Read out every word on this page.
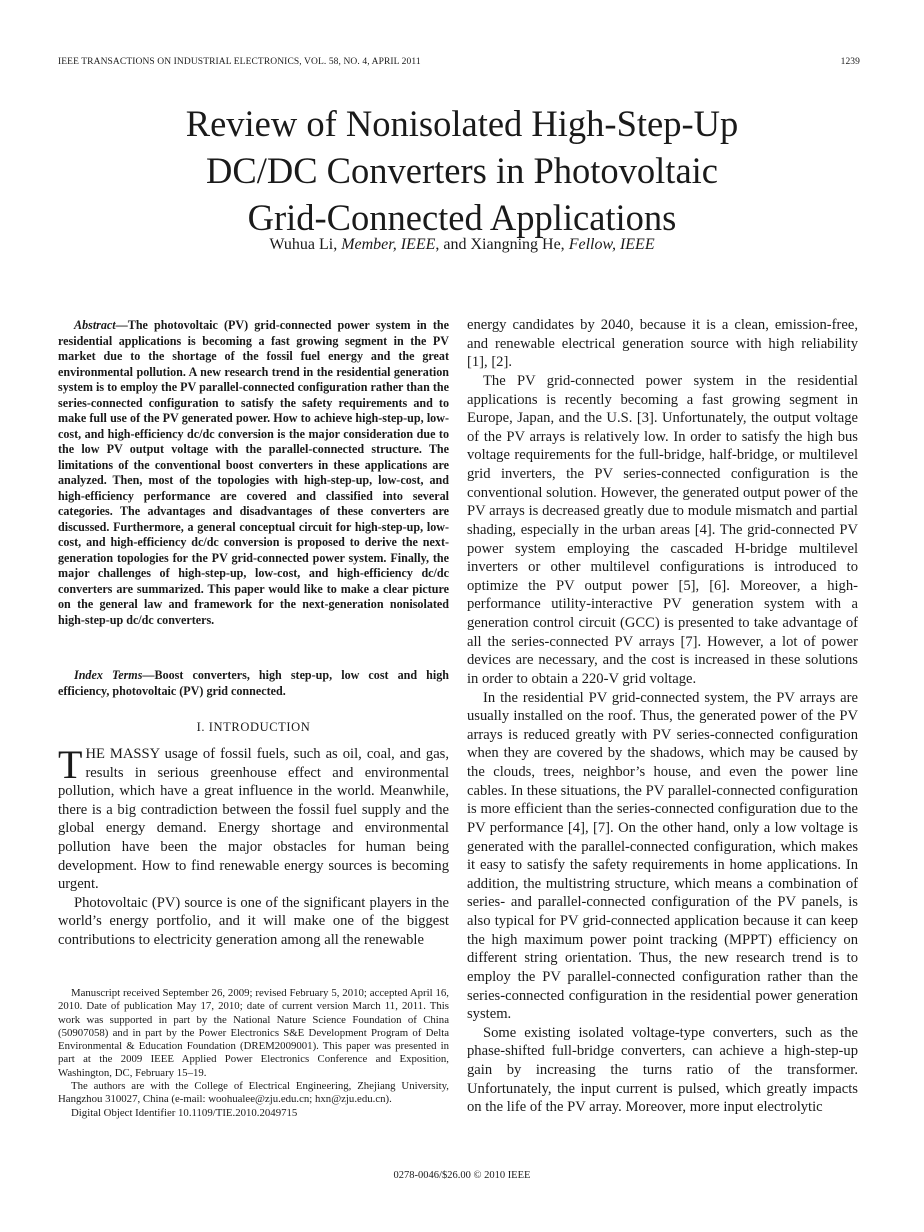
IEEE TRANSACTIONS ON INDUSTRIAL ELECTRONICS, VOL. 58, NO. 4, APRIL 2011	1239
Review of Nonisolated High-Step-Up
DC/DC Converters in Photovoltaic
Grid-Connected Applications
Wuhua Li, Member, IEEE, and Xiangning He, Fellow, IEEE
Abstract—The photovoltaic (PV) grid-connected power system in the residential applications is becoming a fast growing segment in the PV market due to the shortage of the fossil fuel energy and the great environmental pollution. A new research trend in the residential generation system is to employ the PV parallel-connected configuration rather than the series-connected configuration to satisfy the safety requirements and to make full use of the PV generated power. How to achieve high-step-up, low-cost, and high-efficiency dc/dc conversion is the major consideration due to the low PV output voltage with the parallel-connected structure. The limitations of the conventional boost converters in these applications are analyzed. Then, most of the topologies with high-step-up, low-cost, and high-efficiency performance are covered and classified into several categories. The advantages and disadvantages of these converters are discussed. Furthermore, a general conceptual circuit for high-step-up, low-cost, and high-efficiency dc/dc conversion is proposed to derive the next-generation topologies for the PV grid-connected power system. Finally, the major challenges of high-step-up, low-cost, and high-efficiency dc/dc converters are summarized. This paper would like to make a clear picture on the general law and framework for the next-generation nonisolated high-step-up dc/dc converters.
Index Terms—Boost converters, high step-up, low cost and high efficiency, photovoltaic (PV) grid connected.
I. INTRODUCTION

THE MASSY usage of fossil fuels, such as oil, coal, and gas, results in serious greenhouse effect and environmental pollution, which have a great influence in the world. Meanwhile, there is a big contradiction between the fossil fuel supply and the global energy demand. Energy shortage and environmental pollution have been the major obstacles for human being development. How to find renewable energy sources is becoming urgent.

Photovoltaic (PV) source is one of the significant players in the world’s energy portfolio, and it will make one of the biggest contributions to electricity generation among all the renewable

Manuscript received September 26, 2009; revised February 5, 2010; accepted April 16, 2010. Date of publication May 17, 2010; date of current version March 11, 2011. This work was supported in part by the National Nature Science Foundation of China (50907058) and in part by the Power Electronics S&E Development Program of Delta Environmental & Education Foundation (DREM2009001). This paper was presented in part at the 2009 IEEE Applied Power Electronics Conference and Exposition, Washington, DC, February 15–19.

The authors are with the College of Electrical Engineering, Zhejiang University, Hangzhou 310027, China (e-mail: woohualee@zju.edu.cn; hxn@zju.edu.cn).

Digital Object Identifier 10.1109/TIE.2010.2049715

energy candidates by 2040, because it is a clean, emission-free, and renewable electrical generation source with high reliability [1], [2].

The PV grid-connected power system in the residential applications is recently becoming a fast growing segment in Europe, Japan, and the U.S. [3]. Unfortunately, the output voltage of the PV arrays is relatively low. In order to satisfy the high bus voltage requirements for the full-bridge, half-bridge, or multilevel grid inverters, the PV series-connected configuration is the conventional solution. However, the generated output power of the PV arrays is decreased greatly due to module mismatch and partial shading, especially in the urban areas [4]. The grid-connected PV power system employing the cascaded H-bridge multilevel inverters or other multilevel configurations is introduced to optimize the PV output power [5], [6]. Moreover, a high-performance utility-interactive PV generation system with a generation control circuit (GCC) is presented to take advantage of all the series-connected PV arrays [7]. However, a lot of power devices are necessary, and the cost is increased in these solutions in order to obtain a 220-V grid voltage.

In the residential PV grid-connected system, the PV arrays are usually installed on the roof. Thus, the generated power of the PV arrays is reduced greatly with PV series-connected configuration when they are covered by the shadows, which may be caused by the clouds, trees, neighbor’s house, and even the power line cables. In these situations, the PV parallel-connected configuration is more efficient than the series-connected configuration due to the PV performance [4], [7]. On the other hand, only a low voltage is generated with the parallel-connected configuration, which makes it easy to satisfy the safety requirements in home applications. In addition, the multistring structure, which means a combination of series- and parallel-connected configuration of the PV panels, is also typical for PV grid-connected application because it can keep the high maximum power point tracking (MPPT) efficiency on different string orientation. Thus, the new research trend is to employ the PV parallel-connected configuration rather than the series-connected configuration in the residential power generation system.

Some existing isolated voltage-type converters, such as the phase-shifted full-bridge converters, can achieve a high-step-up gain by increasing the turns ratio of the transformer. Unfortunately, the input current is pulsed, which greatly impacts on the life of the PV array. Moreover, more input electrolytic

0278-0046/$26.00 © 2010 IEEE
